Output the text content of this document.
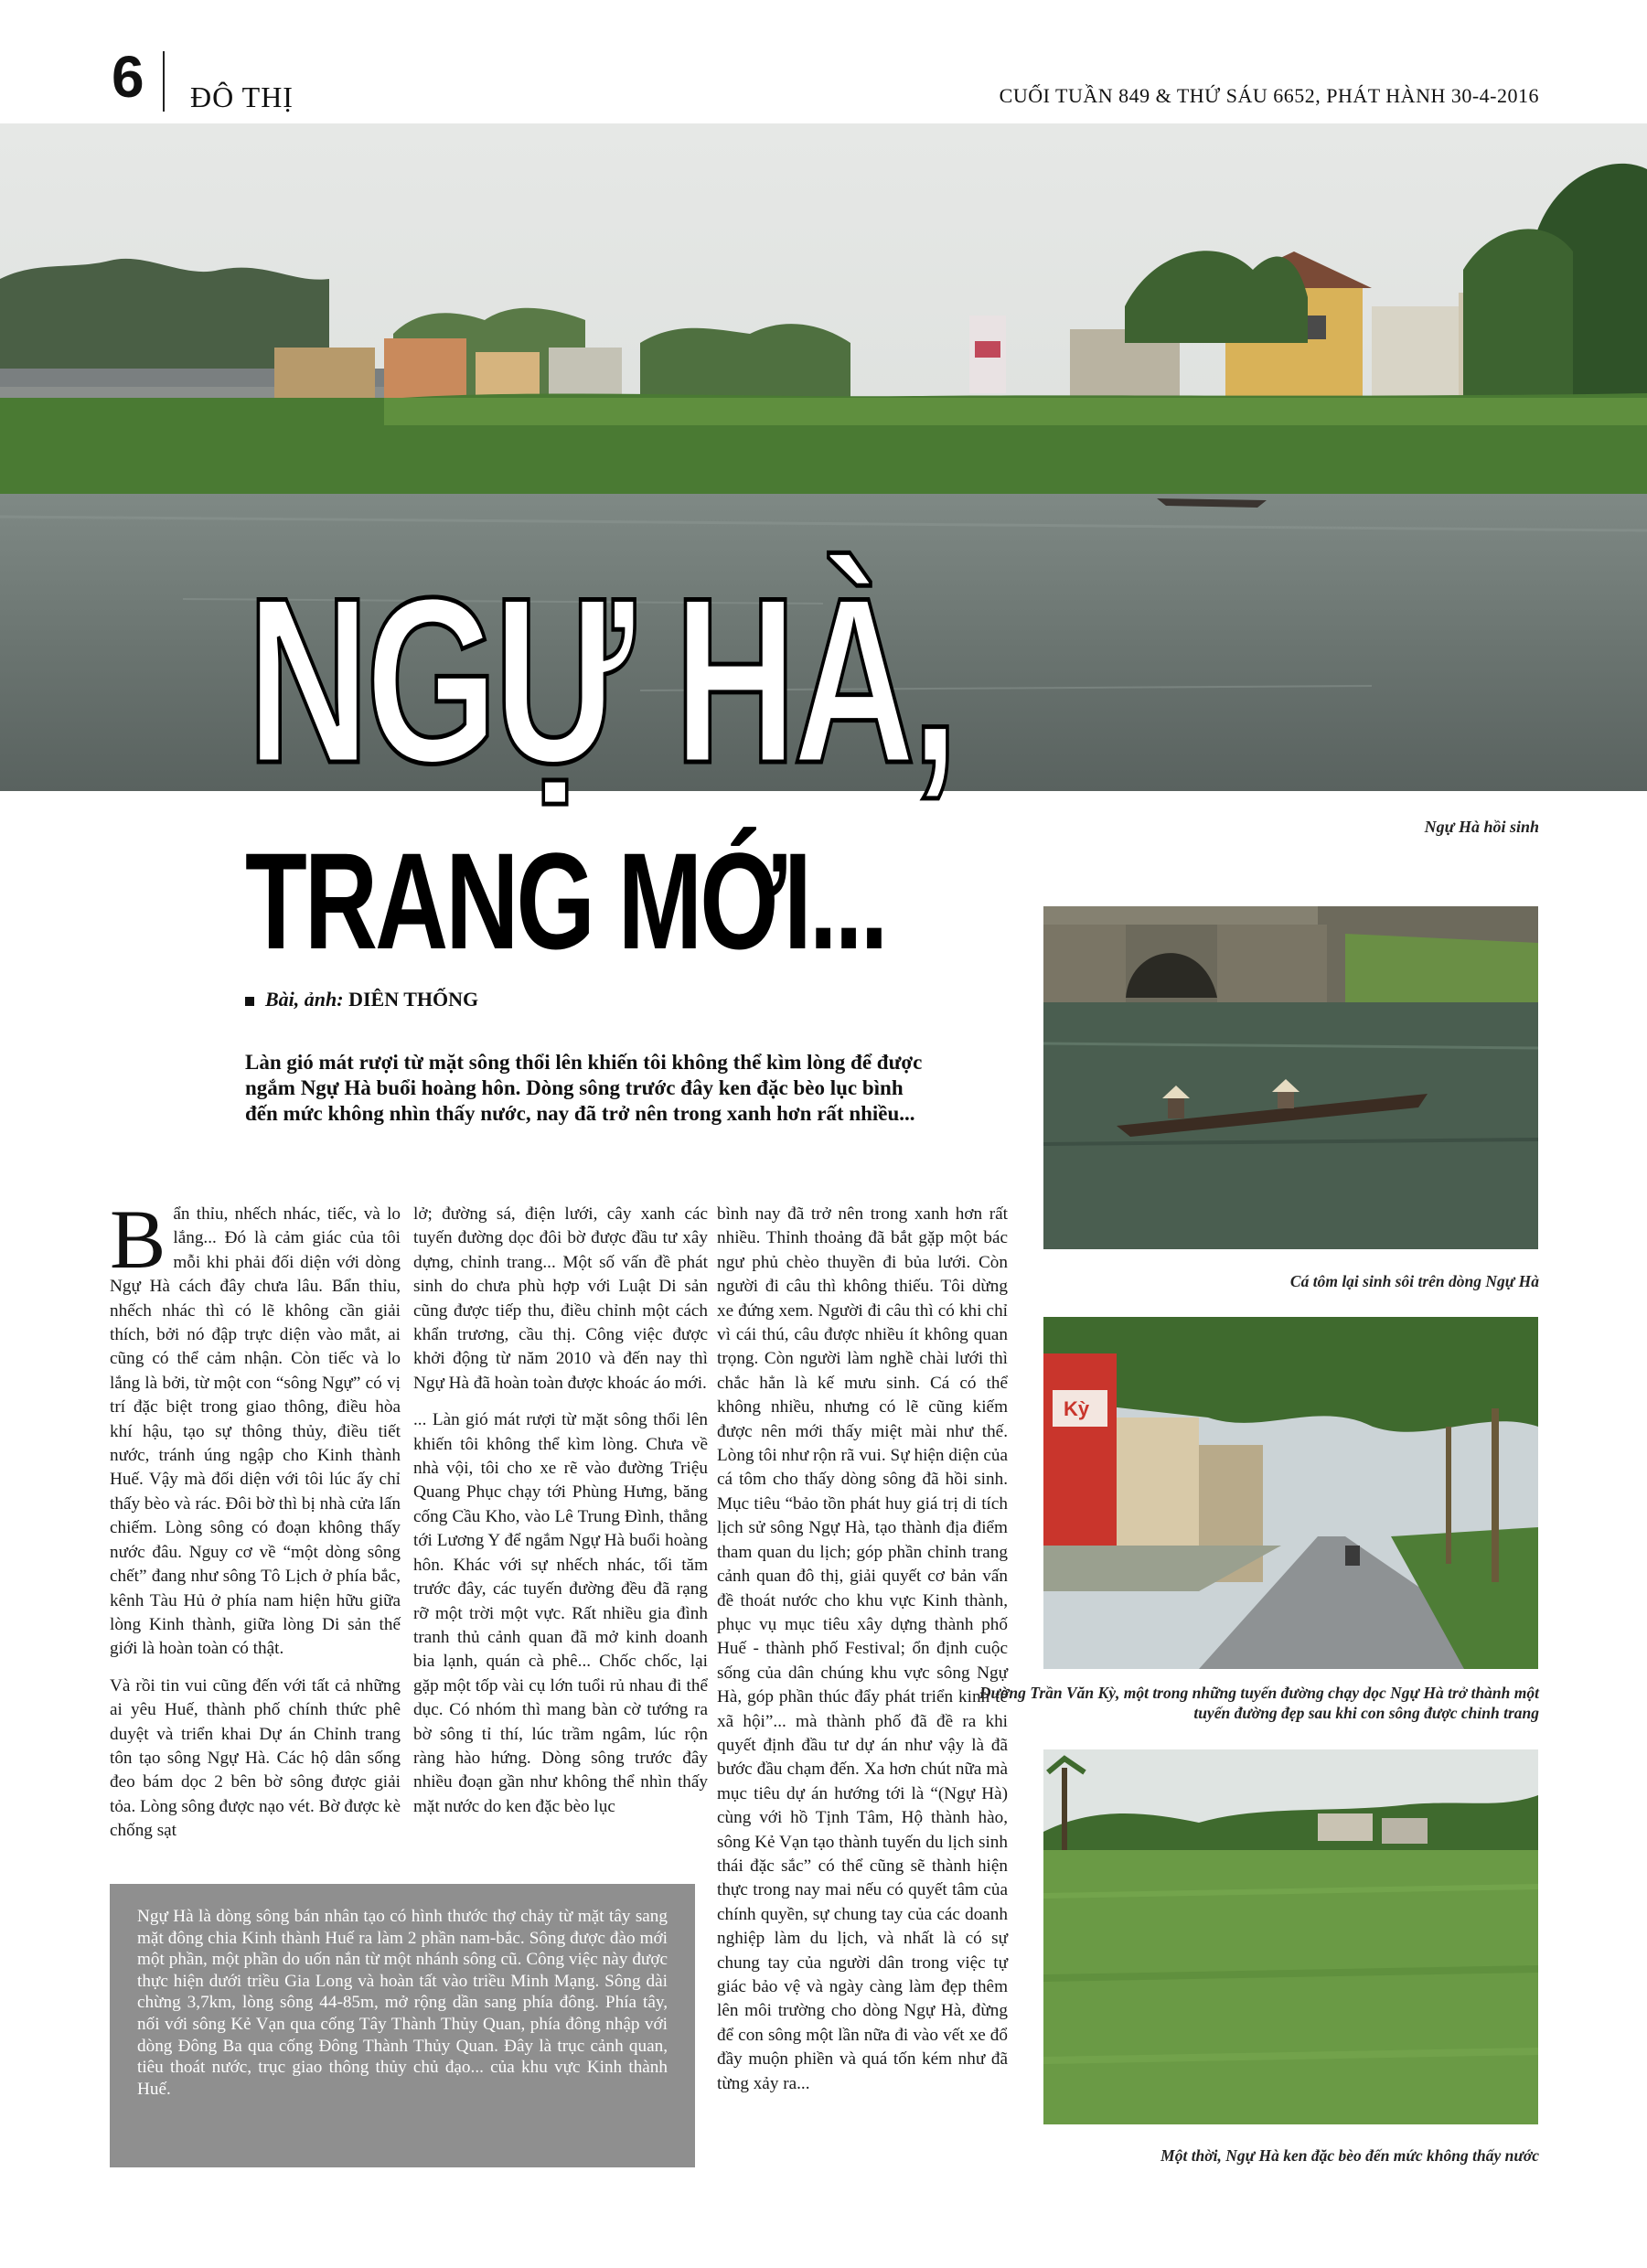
6 ĐÔ THỊ	CUỐI TUẦN 849 & THỨ SÁU 6652, PHÁT HÀNH 30-4-2016
NGỰ HÀ,
TRANG MỚI...	Ngự Hà hồi sinh
Bài, ảnh: DIÊN THỐNG
Làn gió mát rượi từ mặt sông thổi lên khiến tôi không thể kìm lòng để được ngắm Ngự Hà buổi hoàng hôn. Dòng sông trước đây ken đặc bèo lục bình đến mức không nhìn thấy nước, nay đã trở nên trong xanh hơn rất nhiều...

Bẩn thỉu, nhếch nhác, tiếc, và lo lắng... Đó là cảm giác của tôi mỗi khi phải đối diện với dòng Ngự Hà cách đây chưa lâu. Bẩn thỉu, nhếch nhác thì có lẽ không cần giải thích, bởi nó đập trực diện vào mắt, ai cũng có thể cảm nhận. Còn tiếc và lo lắng là bởi, từ một con “sông Ngự” có vị trí đặc biệt trong giao thông, điều hòa khí hậu, tạo sự thông thủy, điều tiết nước, tránh úng ngập cho Kinh thành Huế. Vậy mà đối diện với tôi lúc ấy chỉ thấy bèo và rác. Đôi bờ thì bị nhà cửa lấn chiếm. Lòng sông có đoạn không thấy nước đâu. Nguy cơ về “một dòng sông chết” đang như sông Tô Lịch ở phía bắc, kênh Tàu Hủ ở phía nam hiện hữu giữa lòng Kinh thành, giữa lòng Di sản thế giới là hoàn toàn có thật.

Và rồi tin vui cũng đến với tất cả những ai yêu Huế, thành phố chính thức phê duyệt và triển khai Dự án Chỉnh trang tôn tạo sông Ngự Hà. Các hộ dân sống đeo bám dọc 2 bên bờ sông được giải tỏa. Lòng sông được nạo vét. Bờ được kè chống sạt

lở; đường sá, điện lưới, cây xanh các tuyến đường dọc đôi bờ được đầu tư xây dựng, chỉnh trang... Một số vấn đề phát sinh do chưa phù hợp với Luật Di sản cũng được tiếp thu, điều chỉnh một cách khẩn trương, cầu thị. Công việc được khởi động từ năm 2010 và đến nay thì Ngự Hà đã hoàn toàn được khoác áo mới.

... Làn gió mát rượi từ mặt sông thổi lên khiến tôi không thể kìm lòng. Chưa về nhà vội, tôi cho xe rẽ vào đường Triệu Quang Phục chạy tới Phùng Hưng, băng cống Cầu Kho, vào Lê Trung Đình, thẳng tới Lương Y để ngắm Ngự Hà buổi hoàng hôn. Khác với sự nhếch nhác, tối tăm trước đây, các tuyến đường đều đã rạng rỡ một trời một vực. Rất nhiều gia đình tranh thủ cảnh quan đã mở kinh doanh bia lạnh, quán cà phê... Chốc chốc, lại gặp một tốp vài cụ lớn tuổi rủ nhau đi thể dục. Có nhóm thì mang bàn cờ tướng ra bờ sông tỉ thí, lúc trầm ngâm, lúc rộn ràng hào hứng. Dòng sông trước đây nhiều đoạn gần như không thể nhìn thấy mặt nước do ken đặc bèo lục

bình nay đã trở nên trong xanh hơn rất nhiều. Thỉnh thoảng đã bắt gặp một bác ngư phủ chèo thuyền đi bủa lưới. Còn người đi câu thì không thiếu. Tôi dừng xe đứng xem. Người đi câu thì có khi chỉ vì cái thú, câu được nhiều ít không quan trọng. Còn người làm nghề chài lưới thì chắc hẳn là kế mưu sinh. Cá có thể không nhiều, nhưng có lẽ cũng kiếm được nên mới thấy miệt mài như thế. Lòng tôi như rộn rã vui. Sự hiện diện của cá tôm cho thấy dòng sông đã hồi sinh. Mục tiêu “bảo tồn phát huy giá trị di tích lịch sử sông Ngự Hà, tạo thành địa điểm tham quan du lịch; góp phần chỉnh trang cảnh quan đô thị, giải quyết cơ bản vấn đề thoát nước cho khu vực Kinh thành, phục vụ mục tiêu xây dựng thành phố Huế - thành phố Festival; ổn định cuộc sống của dân chúng khu vực sông Ngự Hà, góp phần thúc đẩy phát triển kinh tế xã hội”... mà thành phố đã đề ra khi quyết định đầu tư dự án như vậy là đã bước đầu chạm đến. Xa hơn chút nữa mà mục tiêu dự án hướng tới là “(Ngự Hà) cùng với hồ Tịnh Tâm, Hộ thành hào, sông Kẻ Vạn tạo thành tuyến du lịch sinh thái đặc sắc” có thể cũng sẽ thành hiện thực trong nay mai nếu có quyết tâm của chính quyền, sự chung tay của các doanh nghiệp làm du lịch, và nhất là có sự chung tay của người dân trong việc tự giác bảo vệ và ngày càng làm đẹp thêm lên môi trường cho dòng Ngự Hà, đừng để con sông một lần nữa đi vào vết xe đổ đầy muộn phiền và quá tốn kém như đã từng xảy ra...

Ngự Hà là dòng sông bán nhân tạo có hình thước thợ chảy từ mặt tây sang mặt đông chia Kinh thành Huế ra làm 2 phần nam-bắc. Sông được đào mới một phần, một phần do uốn nắn từ một nhánh sông cũ. Công việc này được thực hiện dưới triều Gia Long và hoàn tất vào triều Minh Mạng. Sông dài chừng 3,7km, lòng sông 44-85m, mở rộng dần sang phía đông. Phía tây, nối với sông Kẻ Vạn qua cống Tây Thành Thủy Quan, phía đông nhập với dòng Đông Ba qua cống Đông Thành Thủy Quan. Đây là trục cảnh quan, tiêu thoát nước, trục giao thông thủy chủ đạo... của khu vực Kinh thành Huế.
Cá tôm lại sinh sôi trên dòng Ngự Hà
Kỳ
Đường Trần Văn Kỳ, một trong những tuyến đường chạy dọc Ngự Hà trở thành một tuyến đường đẹp sau khi con sông được chỉnh trang
Một thời, Ngự Hà ken đặc bèo đến mức không thấy nước
